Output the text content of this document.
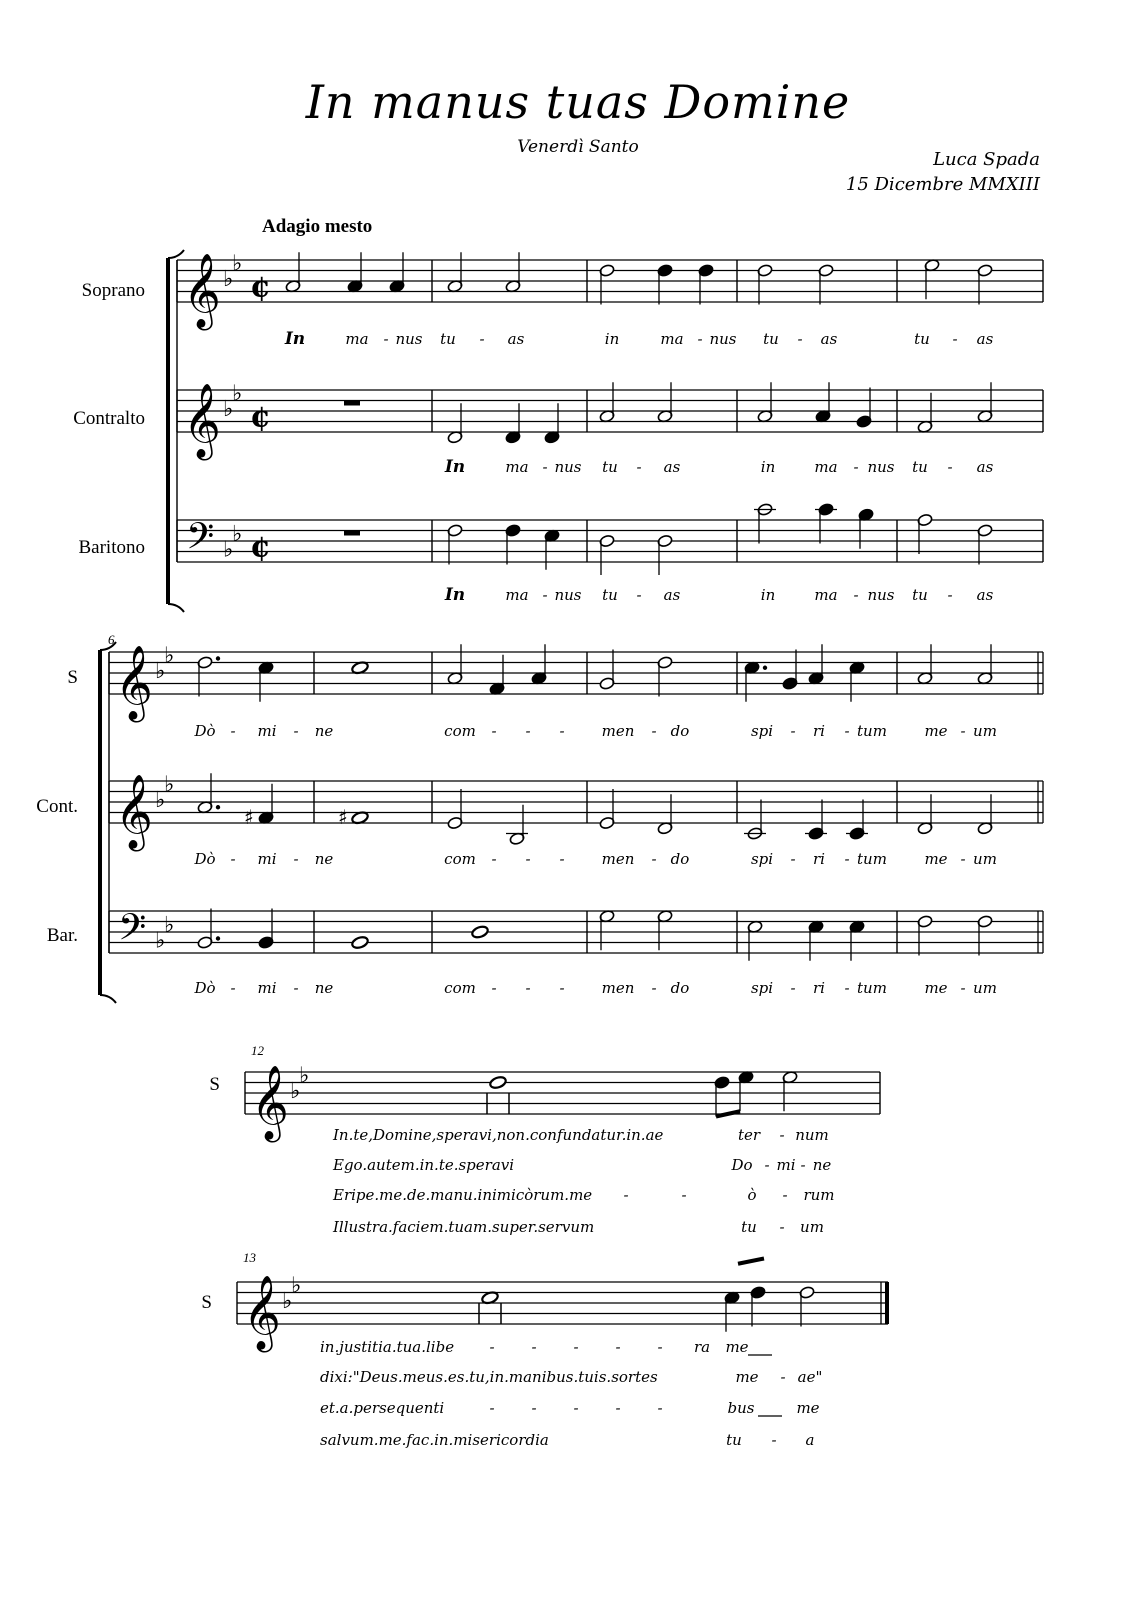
In manus tuas Domine
Venerdì Santo
Luca Spada
15 Dicembre MMXIII
Adagio mesto
Soprano
Contralto
Baritono
S
Cont.
Bar.
S
S
6
12
13
𝄞 ♭
♭
¢
𝄞 ♭
♭
¢
𝄢 ♭
♭ ¢
𝄞 ♭
♭
𝄞 ♭
♭
𝄢 ♭
♭
♯	♯
𝄞 ♭
♭
𝄞 ♭
♭
In	ma - nus tu - as	in	ma - nus tu - as	tu - as
In	ma - nus tu - as	in	ma - nus tu - as
In	ma - nus tu - as	in	ma - nus tu - as
Dò - mi - ne	com - - - men - do	spi - ri - tum me - um
Dò - mi - ne	com - - - men - do	spi - ri - tum me - um
Dò - mi - ne	com - - - men - do	spi - ri - tum me - um
In.te,Domine,speravi,non.confundatur.in.ae	ter - num
Ego.autem.in.te.speravi	Do - mi - ne
Eripe.me.de.manu.inimicòrum.me -	-	ò - rum
Illustra.faciem.tuam.super.servum	tu - um
in.justitia.tua.libe - - - - - ra me
dixi:"Deus.meus.es.tu,in.manibus.tuis.sortes	me - ae"
et.a.persequenti	- - - - -	bus	me
salvum.me.fac.in.misericordia	tu - a
